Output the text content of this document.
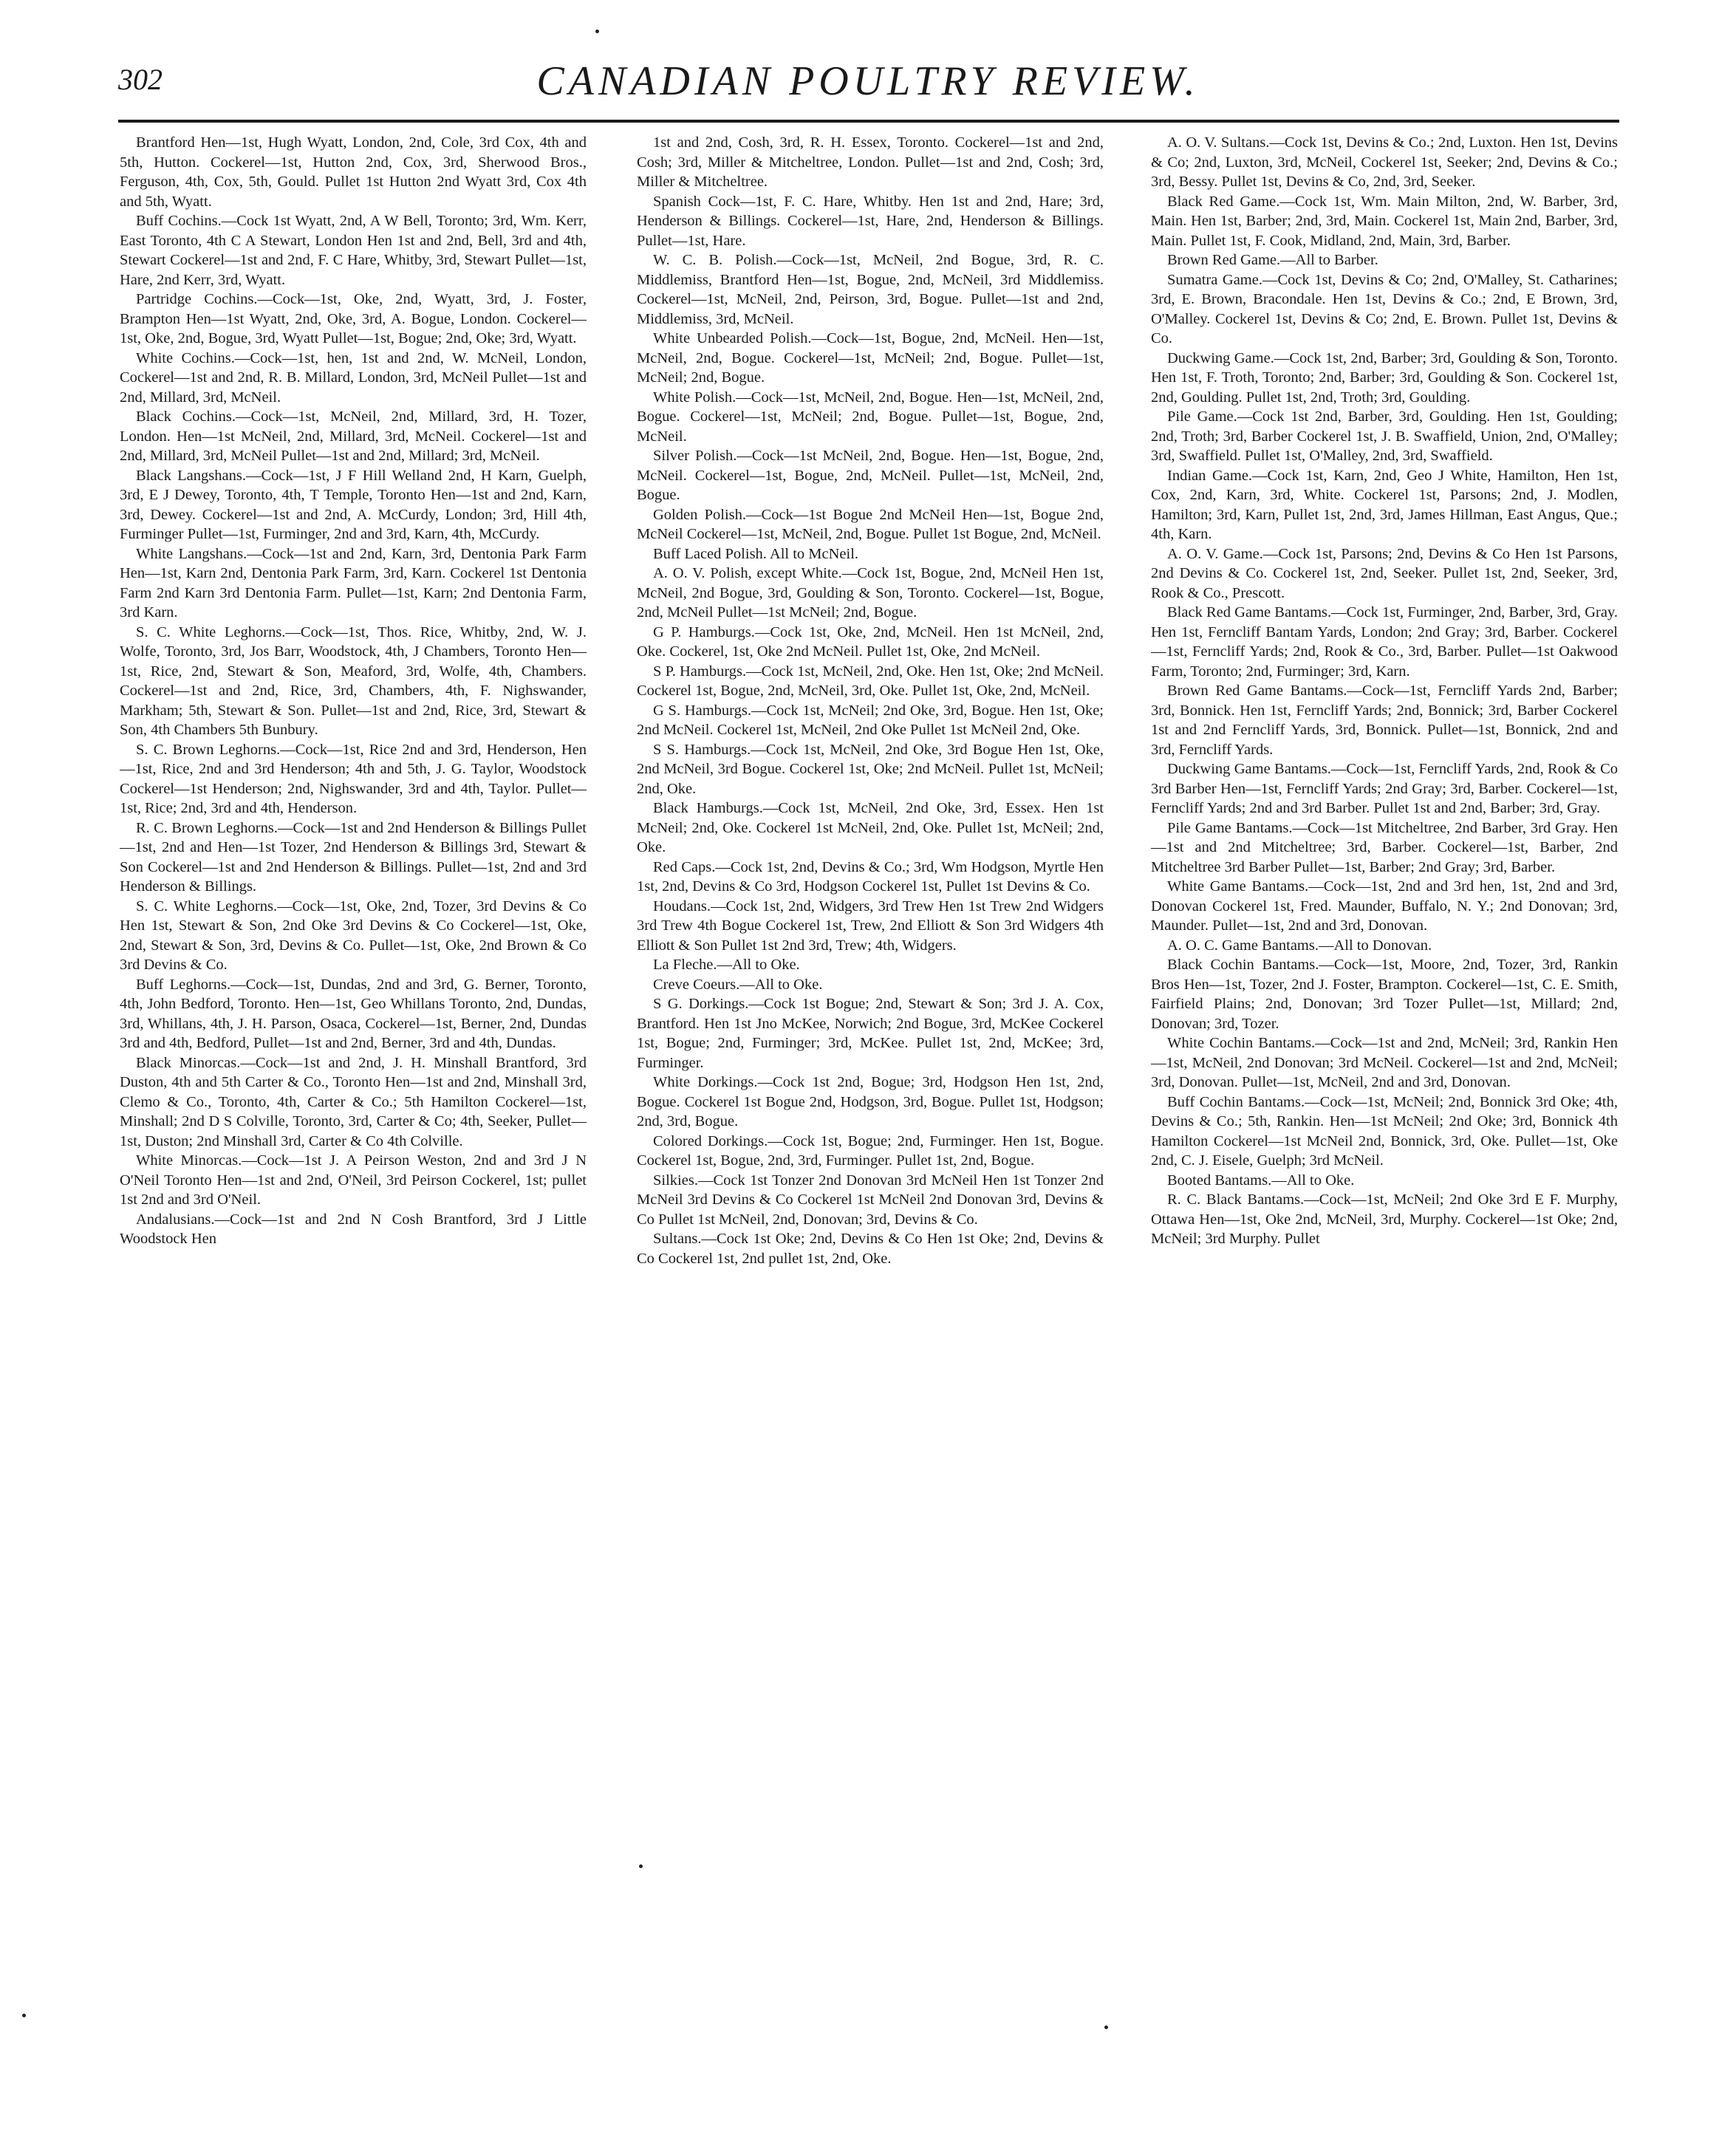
302	CANADIAN POULTRY REVIEW.

Brantford Hen—1st, Hugh Wyatt, London, 2nd, Cole, 3rd Cox, 4th and 5th, Hutton. Cockerel—1st, Hutton 2nd, Cox, 3rd, Sherwood Bros., Ferguson, 4th, Cox, 5th, Gould. Pullet 1st Hutton 2nd Wyatt 3rd, Cox 4th and 5th, Wyatt.

Buff Cochins.—Cock 1st Wyatt, 2nd, A W Bell, Toronto; 3rd, Wm. Kerr, East Toronto, 4th C A Stewart, London Hen 1st and 2nd, Bell, 3rd and 4th, Stewart Cockerel—1st and 2nd, F. C Hare, Whitby, 3rd, Stewart Pullet—1st, Hare, 2nd Kerr, 3rd, Wyatt.

Partridge Cochins.—Cock—1st, Oke, 2nd, Wyatt, 3rd, J. Foster, Brampton Hen—1st Wyatt, 2nd, Oke, 3rd, A. Bogue, London. Cockerel—1st, Oke, 2nd, Bogue, 3rd, Wyatt Pullet—1st, Bogue; 2nd, Oke; 3rd, Wyatt.

White Cochins.—Cock—1st, hen, 1st and 2nd, W. McNeil, London, Cockerel—1st and 2nd, R. B. Millard, London, 3rd, McNeil Pullet—1st and 2nd, Millard, 3rd, McNeil.

Black Cochins.—Cock—1st, McNeil, 2nd, Millard, 3rd, H. Tozer, London. Hen—1st McNeil, 2nd, Millard, 3rd, McNeil. Cockerel—1st and 2nd, Millard, 3rd, McNeil Pullet—1st and 2nd, Millard; 3rd, McNeil.

Black Langshans.—Cock—1st, J F Hill Welland 2nd, H Karn, Guelph, 3rd, E J Dewey, Toronto, 4th, T Temple, Toronto Hen—1st and 2nd, Karn, 3rd, Dewey. Cockerel—1st and 2nd, A. McCurdy, London; 3rd, Hill 4th, Furminger Pullet—1st, Furminger, 2nd and 3rd, Karn, 4th, McCurdy.

White Langshans.—Cock—1st and 2nd, Karn, 3rd, Dentonia Park Farm Hen—1st, Karn 2nd, Dentonia Park Farm, 3rd, Karn. Cockerel 1st Dentonia Farm 2nd Karn 3rd Dentonia Farm. Pullet—1st, Karn; 2nd Dentonia Farm, 3rd Karn.

S. C. White Leghorns.—Cock—1st, Thos. Rice, Whitby, 2nd, W. J. Wolfe, Toronto, 3rd, Jos Barr, Woodstock, 4th, J Chambers, Toronto Hen—1st, Rice, 2nd, Stewart & Son, Meaford, 3rd, Wolfe, 4th, Chambers. Cockerel—1st and 2nd, Rice, 3rd, Chambers, 4th, F. Nighswander, Markham; 5th, Stewart & Son. Pullet—1st and 2nd, Rice, 3rd, Stewart & Son, 4th Chambers 5th Bunbury.

S. C. Brown Leghorns.—Cock—1st, Rice 2nd and 3rd, Henderson, Hen—1st, Rice, 2nd and 3rd Henderson; 4th and 5th, J. G. Taylor, Woodstock Cockerel—1st Henderson; 2nd, Nighswander, 3rd and 4th, Taylor. Pullet—1st, Rice; 2nd, 3rd and 4th, Henderson.

R. C. Brown Leghorns.—Cock—1st and 2nd Henderson & Billings Pullet—1st, 2nd and Hen—1st Tozer, 2nd Henderson & Billings 3rd, Stewart & Son Cockerel—1st and 2nd Henderson & Billings. Pullet—1st, 2nd and 3rd Henderson & Billings.

S. C. White Leghorns.—Cock—1st, Oke, 2nd, Tozer, 3rd Devins & Co Hen 1st, Stewart & Son, 2nd Oke 3rd Devins & Co Cockerel—1st, Oke, 2nd, Stewart & Son, 3rd, Devins & Co. Pullet—1st, Oke, 2nd Brown & Co 3rd Devins & Co.

Buff Leghorns.—Cock—1st, Dundas, 2nd and 3rd, G. Berner, Toronto, 4th, John Bedford, Toronto. Hen—1st, Geo Whillans Toronto, 2nd, Dundas, 3rd, Whillans, 4th, J. H. Parson, Osaca, Cockerel—1st, Berner, 2nd, Dundas 3rd and 4th, Bedford, Pullet—1st and 2nd, Berner, 3rd and 4th, Dundas.

Black Minorcas.—Cock—1st and 2nd, J. H. Minshall Brantford, 3rd Duston, 4th and 5th Carter & Co., Toronto Hen—1st and 2nd, Minshall 3rd, Clemo & Co., Toronto, 4th, Carter & Co.; 5th Hamilton Cockerel—1st, Minshall; 2nd D S Colville, Toronto, 3rd, Carter & Co; 4th, Seeker, Pullet—1st, Duston; 2nd Minshall 3rd, Carter & Co 4th Colville.

White Minorcas.—Cock—1st J. A Peirson Weston, 2nd and 3rd J N O'Neil Toronto Hen—1st and 2nd, O'Neil, 3rd Peirson Cockerel, 1st; pullet 1st 2nd and 3rd O'Neil.

Andalusians.—Cock—1st and 2nd N Cosh Brantford, 3rd J Little Woodstock Hen

1st and 2nd, Cosh, 3rd, R. H. Essex, Toronto. Cockerel—1st and 2nd, Cosh; 3rd, Miller & Mitcheltree, London. Pullet—1st and 2nd, Cosh; 3rd, Miller & Mitcheltree.

Spanish Cock—1st, F. C. Hare, Whitby. Hen 1st and 2nd, Hare; 3rd, Henderson & Billings. Cockerel—1st, Hare, 2nd, Henderson & Billings. Pullet—1st, Hare.

W. C. B. Polish.—Cock—1st, McNeil, 2nd Bogue, 3rd, R. C. Middlemiss, Brantford Hen—1st, Bogue, 2nd, McNeil, 3rd Middlemiss. Cockerel—1st, McNeil, 2nd, Peirson, 3rd, Bogue. Pullet—1st and 2nd, Middlemiss, 3rd, McNeil.

White Unbearded Polish.—Cock—1st, Bogue, 2nd, McNeil. Hen—1st, McNeil, 2nd, Bogue. Cockerel—1st, McNeil; 2nd, Bogue. Pullet—1st, McNeil; 2nd, Bogue.

White Polish.—Cock—1st, McNeil, 2nd, Bogue. Hen—1st, McNeil, 2nd, Bogue. Cockerel—1st, McNeil; 2nd, Bogue. Pullet—1st, Bogue, 2nd, McNeil.

Silver Polish.—Cock—1st McNeil, 2nd, Bogue. Hen—1st, Bogue, 2nd, McNeil. Cockerel—1st, Bogue, 2nd, McNeil. Pullet—1st, McNeil, 2nd, Bogue.

Golden Polish.—Cock—1st Bogue 2nd McNeil Hen—1st, Bogue 2nd, McNeil Cockerel—1st, McNeil, 2nd, Bogue. Pullet 1st Bogue, 2nd, McNeil.

Buff Laced Polish. All to McNeil.

A. O. V. Polish, except White.—Cock 1st, Bogue, 2nd, McNeil Hen 1st, McNeil, 2nd Bogue, 3rd, Goulding & Son, Toronto. Cockerel—1st, Bogue, 2nd, McNeil Pullet—1st McNeil; 2nd, Bogue.

G P. Hamburgs.—Cock 1st, Oke, 2nd, McNeil. Hen 1st McNeil, 2nd, Oke. Cockerel, 1st, Oke 2nd McNeil. Pullet 1st, Oke, 2nd McNeil.

S P. Hamburgs.—Cock 1st, McNeil, 2nd, Oke. Hen 1st, Oke; 2nd McNeil. Cockerel 1st, Bogue, 2nd, McNeil, 3rd, Oke. Pullet 1st, Oke, 2nd, McNeil.

G S. Hamburgs.—Cock 1st, McNeil; 2nd Oke, 3rd, Bogue. Hen 1st, Oke; 2nd McNeil. Cockerel 1st, McNeil, 2nd Oke Pullet 1st McNeil 2nd, Oke.

S S. Hamburgs.—Cock 1st, McNeil, 2nd Oke, 3rd Bogue Hen 1st, Oke, 2nd McNeil, 3rd Bogue. Cockerel 1st, Oke; 2nd McNeil. Pullet 1st, McNeil; 2nd, Oke.

Black Hamburgs.—Cock 1st, McNeil, 2nd Oke, 3rd, Essex. Hen 1st McNeil; 2nd, Oke. Cockerel 1st McNeil, 2nd, Oke. Pullet 1st, McNeil; 2nd, Oke.

Red Caps.—Cock 1st, 2nd, Devins & Co.; 3rd, Wm Hodgson, Myrtle Hen 1st, 2nd, Devins & Co 3rd, Hodgson Cockerel 1st, Pullet 1st Devins & Co.

Houdans.—Cock 1st, 2nd, Widgers, 3rd Trew Hen 1st Trew 2nd Widgers 3rd Trew 4th Bogue Cockerel 1st, Trew, 2nd Elliott & Son 3rd Widgers 4th Elliott & Son Pullet 1st 2nd 3rd, Trew; 4th, Widgers.

La Fleche.—All to Oke.

Creve Coeurs.—All to Oke.

S G. Dorkings.—Cock 1st Bogue; 2nd, Stewart & Son; 3rd J. A. Cox, Brantford. Hen 1st Jno McKee, Norwich; 2nd Bogue, 3rd, McKee Cockerel 1st, Bogue; 2nd, Furminger; 3rd, McKee. Pullet 1st, 2nd, McKee; 3rd, Furminger.

White Dorkings.—Cock 1st 2nd, Bogue; 3rd, Hodgson Hen 1st, 2nd, Bogue. Cockerel 1st Bogue 2nd, Hodgson, 3rd, Bogue. Pullet 1st, Hodgson; 2nd, 3rd, Bogue.

Colored Dorkings.—Cock 1st, Bogue; 2nd, Furminger. Hen 1st, Bogue. Cockerel 1st, Bogue, 2nd, 3rd, Furminger. Pullet 1st, 2nd, Bogue.

Silkies.—Cock 1st Tonzer 2nd Donovan 3rd McNeil Hen 1st Tonzer 2nd McNeil 3rd Devins & Co Cockerel 1st McNeil 2nd Donovan 3rd, Devins & Co Pullet 1st McNeil, 2nd, Donovan; 3rd, Devins & Co.

Sultans.—Cock 1st Oke; 2nd, Devins & Co Hen 1st Oke; 2nd, Devins & Co Cockerel 1st, 2nd pullet 1st, 2nd, Oke.

A. O. V. Sultans.—Cock 1st, Devins & Co.; 2nd, Luxton. Hen 1st, Devins & Co; 2nd, Luxton, 3rd, McNeil, Cockerel 1st, Seeker; 2nd, Devins & Co.; 3rd, Bessy. Pullet 1st, Devins & Co, 2nd, 3rd, Seeker.

Black Red Game.—Cock 1st, Wm. Main Milton, 2nd, W. Barber, 3rd, Main. Hen 1st, Barber; 2nd, 3rd, Main. Cockerel 1st, Main 2nd, Barber, 3rd, Main. Pullet 1st, F. Cook, Midland, 2nd, Main, 3rd, Barber.

Brown Red Game.—All to Barber.

Sumatra Game.—Cock 1st, Devins & Co; 2nd, O'Malley, St. Catharines; 3rd, E. Brown, Bracondale. Hen 1st, Devins & Co.; 2nd, E Brown, 3rd, O'Malley. Cockerel 1st, Devins & Co; 2nd, E. Brown. Pullet 1st, Devins & Co.

Duckwing Game.—Cock 1st, 2nd, Barber; 3rd, Goulding & Son, Toronto. Hen 1st, F. Troth, Toronto; 2nd, Barber; 3rd, Goulding & Son. Cockerel 1st, 2nd, Goulding. Pullet 1st, 2nd, Troth; 3rd, Goulding.

Pile Game.—Cock 1st 2nd, Barber, 3rd, Goulding. Hen 1st, Goulding; 2nd, Troth; 3rd, Barber Cockerel 1st, J. B. Swaffield, Union, 2nd, O'Malley; 3rd, Swaffield. Pullet 1st, O'Malley, 2nd, 3rd, Swaffield.

Indian Game.—Cock 1st, Karn, 2nd, Geo J White, Hamilton, Hen 1st, Cox, 2nd, Karn, 3rd, White. Cockerel 1st, Parsons; 2nd, J. Modlen, Hamilton; 3rd, Karn, Pullet 1st, 2nd, 3rd, James Hillman, East Angus, Que.; 4th, Karn.

A. O. V. Game.—Cock 1st, Parsons; 2nd, Devins & Co Hen 1st Parsons, 2nd Devins & Co. Cockerel 1st, 2nd, Seeker. Pullet 1st, 2nd, Seeker, 3rd, Rook & Co., Prescott.

Black Red Game Bantams.—Cock 1st, Furminger, 2nd, Barber, 3rd, Gray. Hen 1st, Ferncliff Bantam Yards, London; 2nd Gray; 3rd, Barber. Cockerel—1st, Ferncliff Yards; 2nd, Rook & Co., 3rd, Barber. Pullet—1st Oakwood Farm, Toronto; 2nd, Furminger; 3rd, Karn.

Brown Red Game Bantams.—Cock—1st, Ferncliff Yards 2nd, Barber; 3rd, Bonnick. Hen 1st, Ferncliff Yards; 2nd, Bonnick; 3rd, Barber Cockerel 1st and 2nd Ferncliff Yards, 3rd, Bonnick. Pullet—1st, Bonnick, 2nd and 3rd, Ferncliff Yards.

Duckwing Game Bantams.—Cock—1st, Ferncliff Yards, 2nd, Rook & Co 3rd Barber Hen—1st, Ferncliff Yards; 2nd Gray; 3rd, Barber. Cockerel—1st, Ferncliff Yards; 2nd and 3rd Barber. Pullet 1st and 2nd, Barber; 3rd, Gray.

Pile Game Bantams.—Cock—1st Mitcheltree, 2nd Barber, 3rd Gray. Hen—1st and 2nd Mitcheltree; 3rd, Barber. Cockerel—1st, Barber, 2nd Mitcheltree 3rd Barber Pullet—1st, Barber; 2nd Gray; 3rd, Barber.

White Game Bantams.—Cock—1st, 2nd and 3rd hen, 1st, 2nd and 3rd, Donovan Cockerel 1st, Fred. Maunder, Buffalo, N. Y.; 2nd Donovan; 3rd, Maunder. Pullet—1st, 2nd and 3rd, Donovan.

A. O. C. Game Bantams.—All to Donovan.

Black Cochin Bantams.—Cock—1st, Moore, 2nd, Tozer, 3rd, Rankin Bros Hen—1st, Tozer, 2nd J. Foster, Brampton. Cockerel—1st, C. E. Smith, Fairfield Plains; 2nd, Donovan; 3rd Tozer Pullet—1st, Millard; 2nd, Donovan; 3rd, Tozer.

White Cochin Bantams.—Cock—1st and 2nd, McNeil; 3rd, Rankin Hen—1st, McNeil, 2nd Donovan; 3rd McNeil. Cockerel—1st and 2nd, McNeil; 3rd, Donovan. Pullet—1st, McNeil, 2nd and 3rd, Donovan.

Buff Cochin Bantams.—Cock—1st, McNeil; 2nd, Bonnick 3rd Oke; 4th, Devins & Co.; 5th, Rankin. Hen—1st McNeil; 2nd Oke; 3rd, Bonnick 4th Hamilton Cockerel—1st McNeil 2nd, Bonnick, 3rd, Oke. Pullet—1st, Oke 2nd, C. J. Eisele, Guelph; 3rd McNeil.

Booted Bantams.—All to Oke.

R. C. Black Bantams.—Cock—1st, McNeil; 2nd Oke 3rd E F. Murphy, Ottawa Hen—1st, Oke 2nd, McNeil, 3rd, Murphy. Cockerel—1st Oke; 2nd, McNeil; 3rd Murphy. Pullet
